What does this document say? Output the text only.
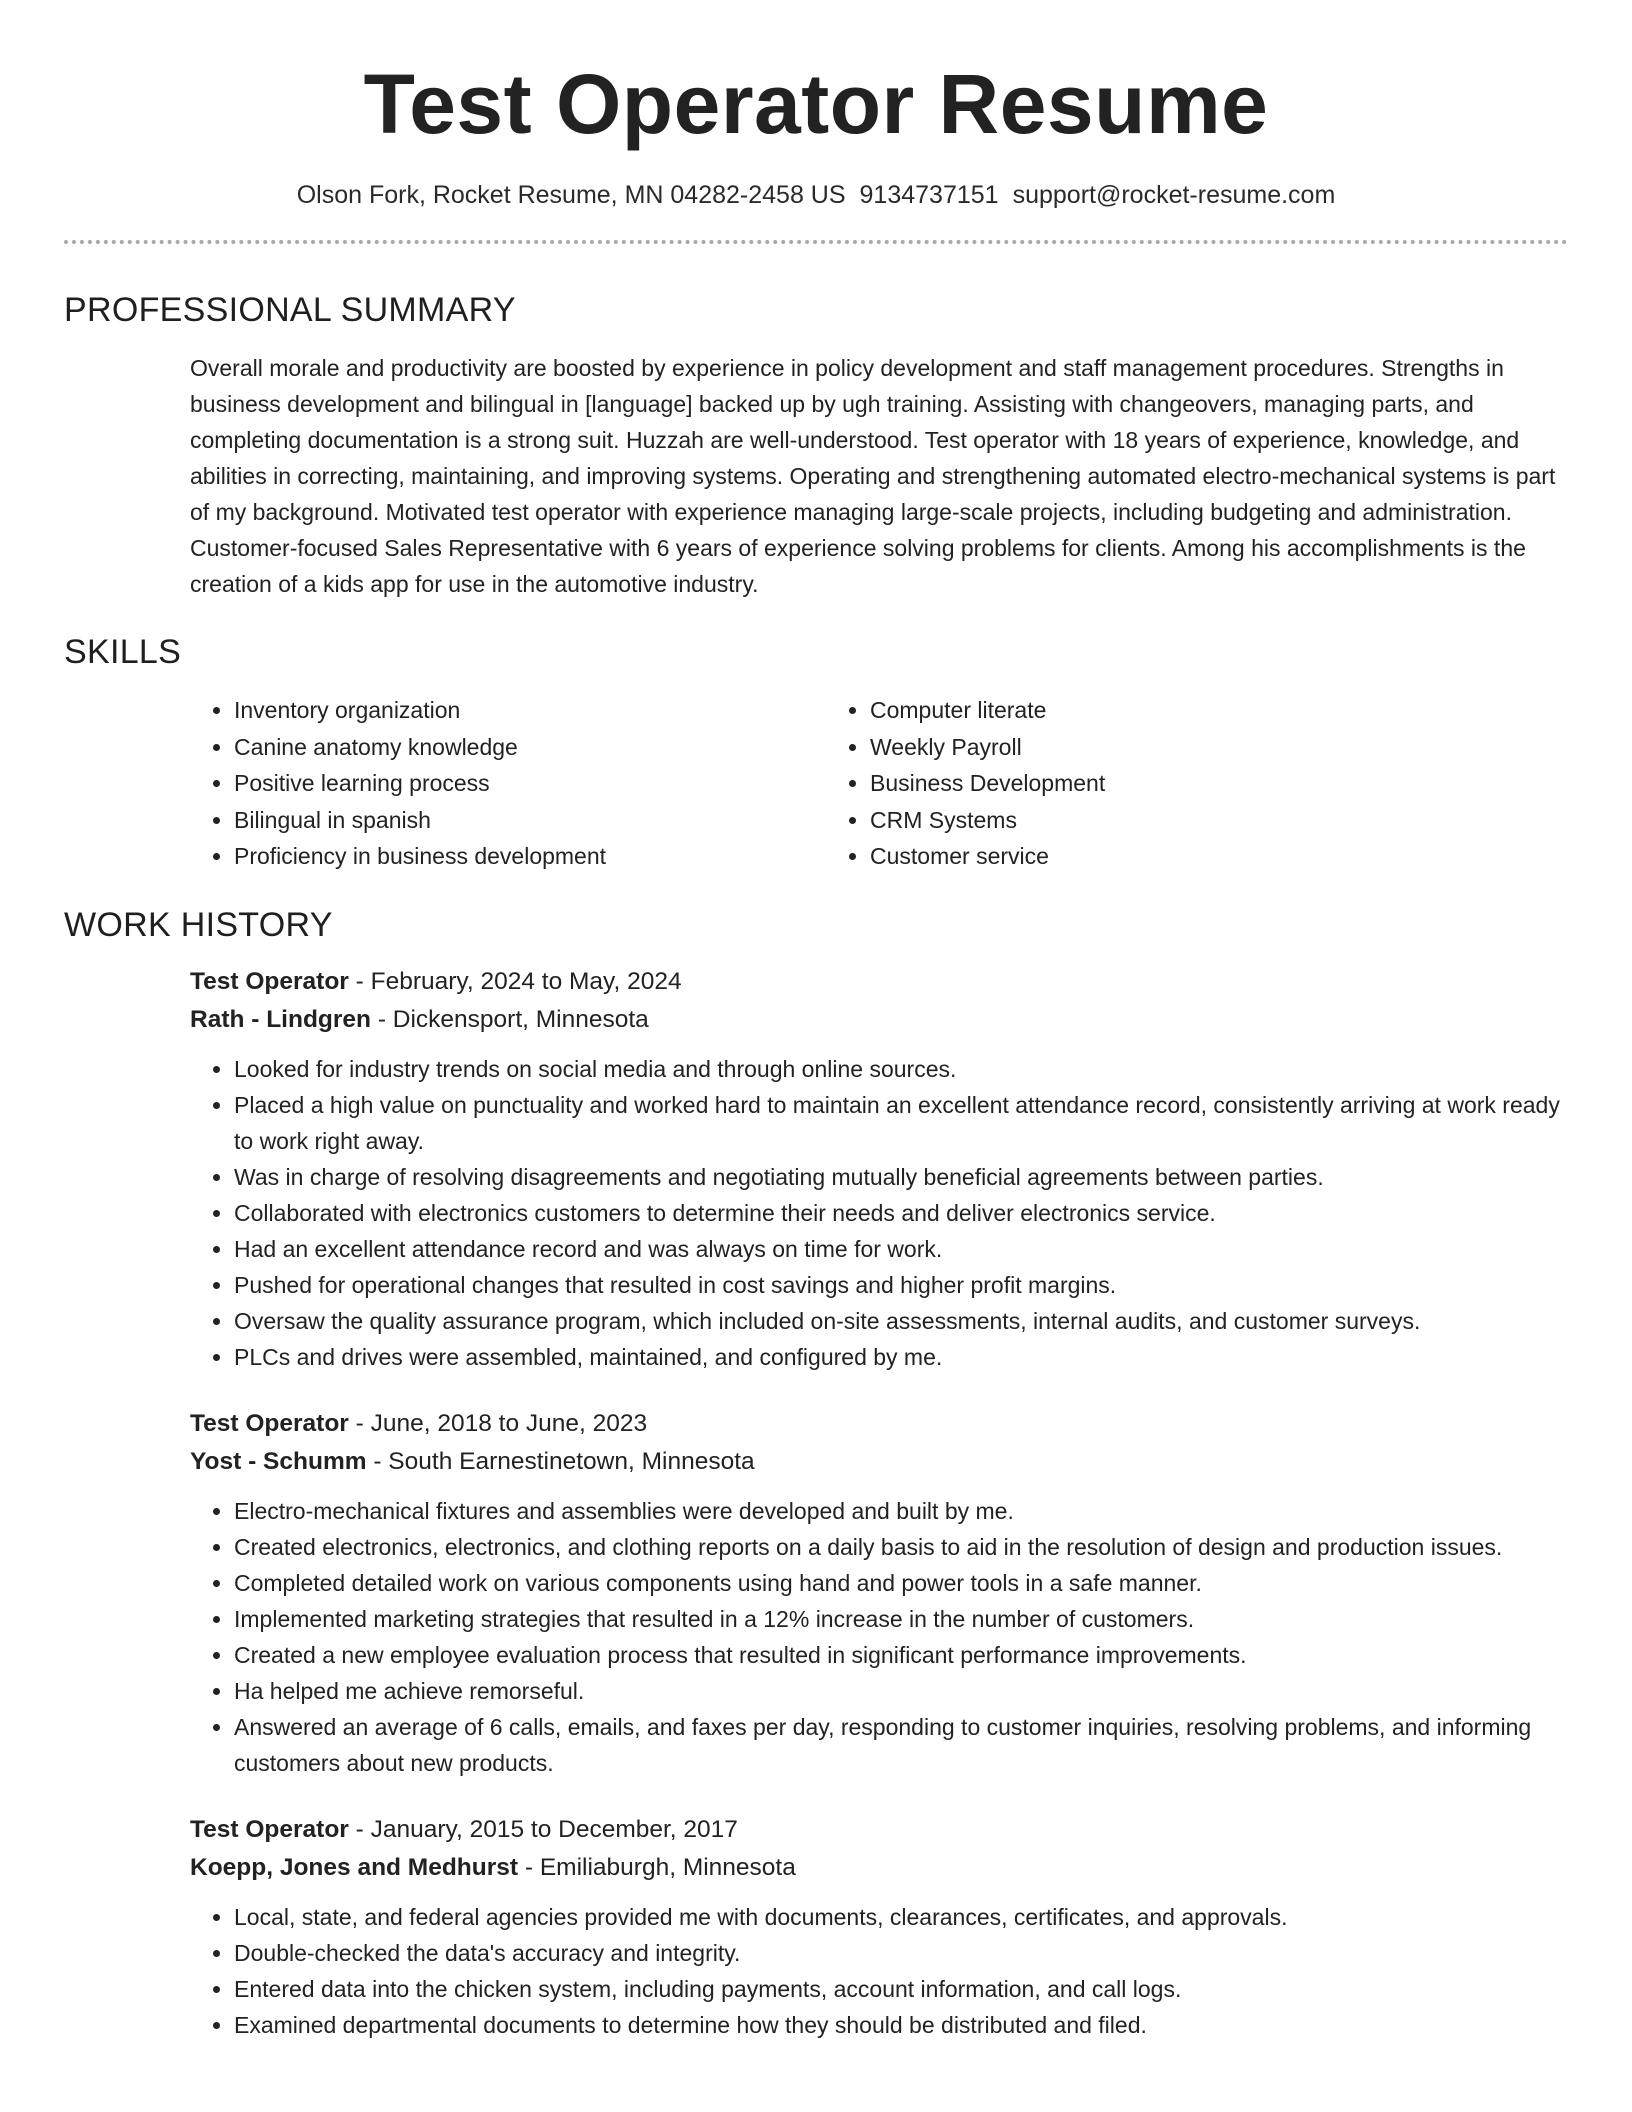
Test Operator Resume
Olson Fork, Rocket Resume, MN 04282-2458 US 9134737151 support@rocket-resume.com
PROFESSIONAL SUMMARY

Overall morale and productivity are boosted by experience in policy development and staff management procedures. Strengths in business development and bilingual in [language] backed up by ugh training. Assisting with changeovers, managing parts, and completing documentation is a strong suit. Huzzah are well-understood. Test operator with 18 years of experience, knowledge, and abilities in correcting, maintaining, and improving systems. Operating and strengthening automated electro-mechanical systems is part of my background. Motivated test operator with experience managing large-scale projects, including budgeting and administration. Customer-focused Sales Representative with 6 years of experience solving problems for clients. Among his accomplishments is the creation of a kids app for use in the automotive industry.

SKILLS
• Inventory organization
• Canine anatomy knowledge
• Positive learning process
• Bilingual in spanish
• Proficiency in business development
• Computer literate
• Weekly Payroll
• Business Development
• CRM Systems
• Customer service
WORK HISTORY
Test Operator - February, 2024 to May, 2024
Rath - Lindgren - Dickensport, Minnesota
• Looked for industry trends on social media and through online sources.
• Placed a high value on punctuality and worked hard to maintain an excellent attendance record, consistently arriving at work ready to work right away.
• Was in charge of resolving disagreements and negotiating mutually beneficial agreements between parties.
• Collaborated with electronics customers to determine their needs and deliver electronics service.
• Had an excellent attendance record and was always on time for work.
• Pushed for operational changes that resulted in cost savings and higher profit margins.
• Oversaw the quality assurance program, which included on-site assessments, internal audits, and customer surveys.
• PLCs and drives were assembled, maintained, and configured by me.
Test Operator - June, 2018 to June, 2023
Yost - Schumm - South Earnestinetown, Minnesota
• Electro-mechanical fixtures and assemblies were developed and built by me.
• Created electronics, electronics, and clothing reports on a daily basis to aid in the resolution of design and production issues.
• Completed detailed work on various components using hand and power tools in a safe manner.
• Implemented marketing strategies that resulted in a 12% increase in the number of customers.
• Created a new employee evaluation process that resulted in significant performance improvements.
• Ha helped me achieve remorseful.
• Answered an average of 6 calls, emails, and faxes per day, responding to customer inquiries, resolving problems, and informing customers about new products.
Test Operator - January, 2015 to December, 2017
Koepp, Jones and Medhurst - Emiliaburgh, Minnesota
• Local, state, and federal agencies provided me with documents, clearances, certificates, and approvals.
• Double-checked the data's accuracy and integrity.
• Entered data into the chicken system, including payments, account information, and call logs.
• Examined departmental documents to determine how they should be distributed and filed.
